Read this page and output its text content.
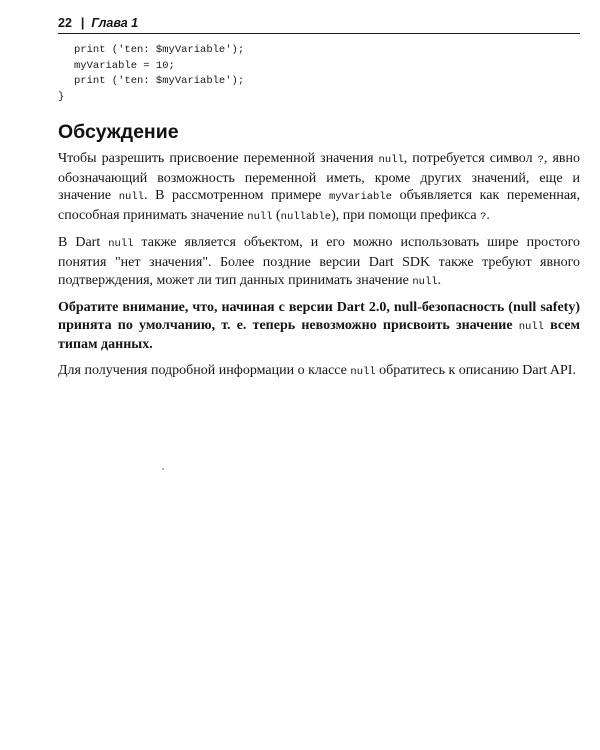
22 | Глава 1
print ('ten: $myVariable');
myVariable = 10;
print ('ten: $myVariable');
}
Обсуждение

Чтобы разрешить присвоение переменной значения null, потребуется символ ?, явно обозначающий возможность переменной иметь, кроме других значений, еще и значение null. В рассмотренном примере myVariable объявляется как переменная, способная принимать значение null (nullable), при помощи префикса ?.

В Dart null также является объектом, и его можно использовать шире простого понятия "нет значения". Более поздние версии Dart SDK также требуют явного подтверждения, может ли тип данных принимать значение null.

Обратите внимание, что, начиная с версии Dart 2.0, null-безопасность (null safety) принята по умолчанию, т. е. теперь невозможно присвоить значение null всем типам данных.

Для получения подробной информации о классе null обратитесь к описанию Dart API.
